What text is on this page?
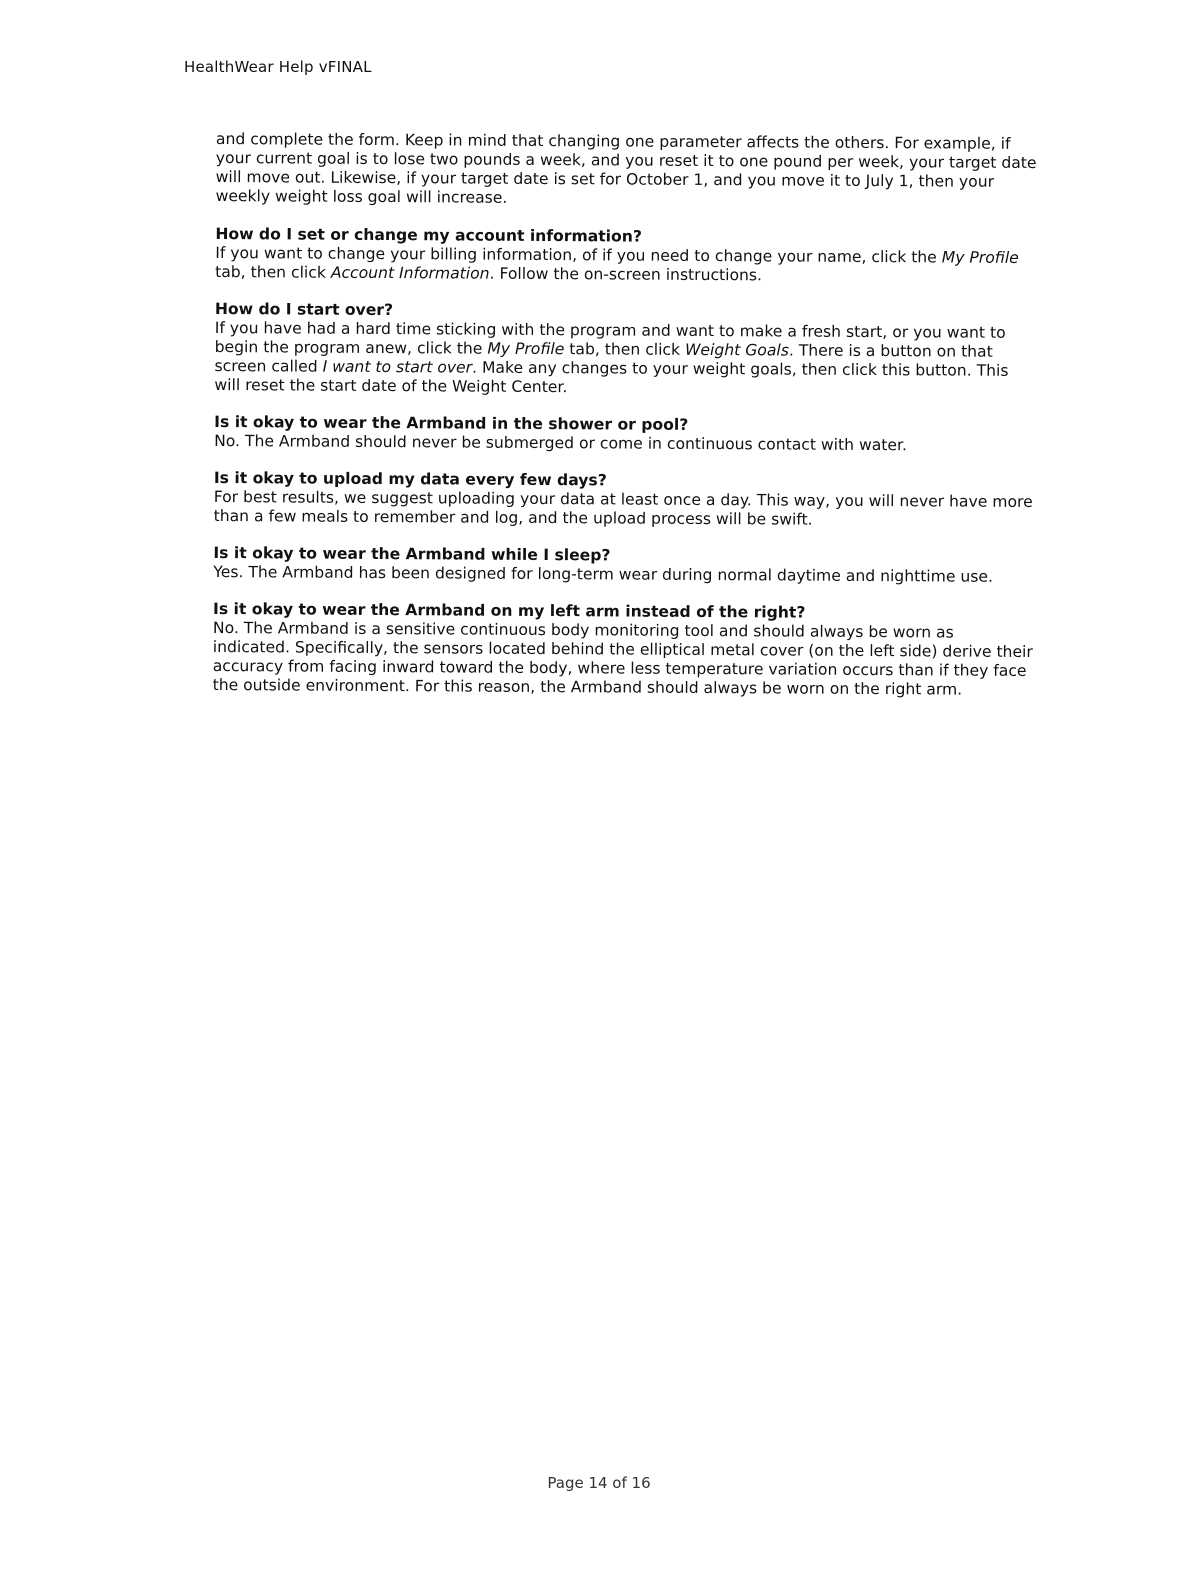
HealthWear Help vFINAL

and complete the form. Keep in mind that changing one parameter affects the others. For example, if your current goal is to lose two pounds a week, and you reset it to one pound per week, your target date will move out. Likewise, if your target date is set for October 1, and you move it to July 1, then your weekly weight loss goal will increase.

How do I set or change my account information?

If you want to change your billing information, of if you need to change your name, click the My Profile tab, then click Account Information. Follow the on-screen instructions.

How do I start over?

If you have had a hard time sticking with the program and want to make a fresh start, or you want to begin the program anew, click the My Profile tab, then click Weight Goals. There is a button on that screen called I want to start over. Make any changes to your weight goals, then click this button. This will reset the start date of the Weight Center.

Is it okay to wear the Armband in the shower or pool?

No. The Armband should never be submerged or come in continuous contact with water.

Is it okay to upload my data every few days?

For best results, we suggest uploading your data at least once a day. This way, you will never have more than a few meals to remember and log, and the upload process will be swift.

Is it okay to wear the Armband while I sleep?

Yes. The Armband has been designed for long-term wear during normal daytime and nighttime use.

Is it okay to wear the Armband on my left arm instead of the right?

No. The Armband is a sensitive continuous body monitoring tool and should always be worn as indicated. Specifically, the sensors located behind the elliptical metal cover (on the left side) derive their accuracy from facing inward toward the body, where less temperature variation occurs than if they face the outside environment. For this reason, the Armband should always be worn on the right arm.

Page 14 of 16
